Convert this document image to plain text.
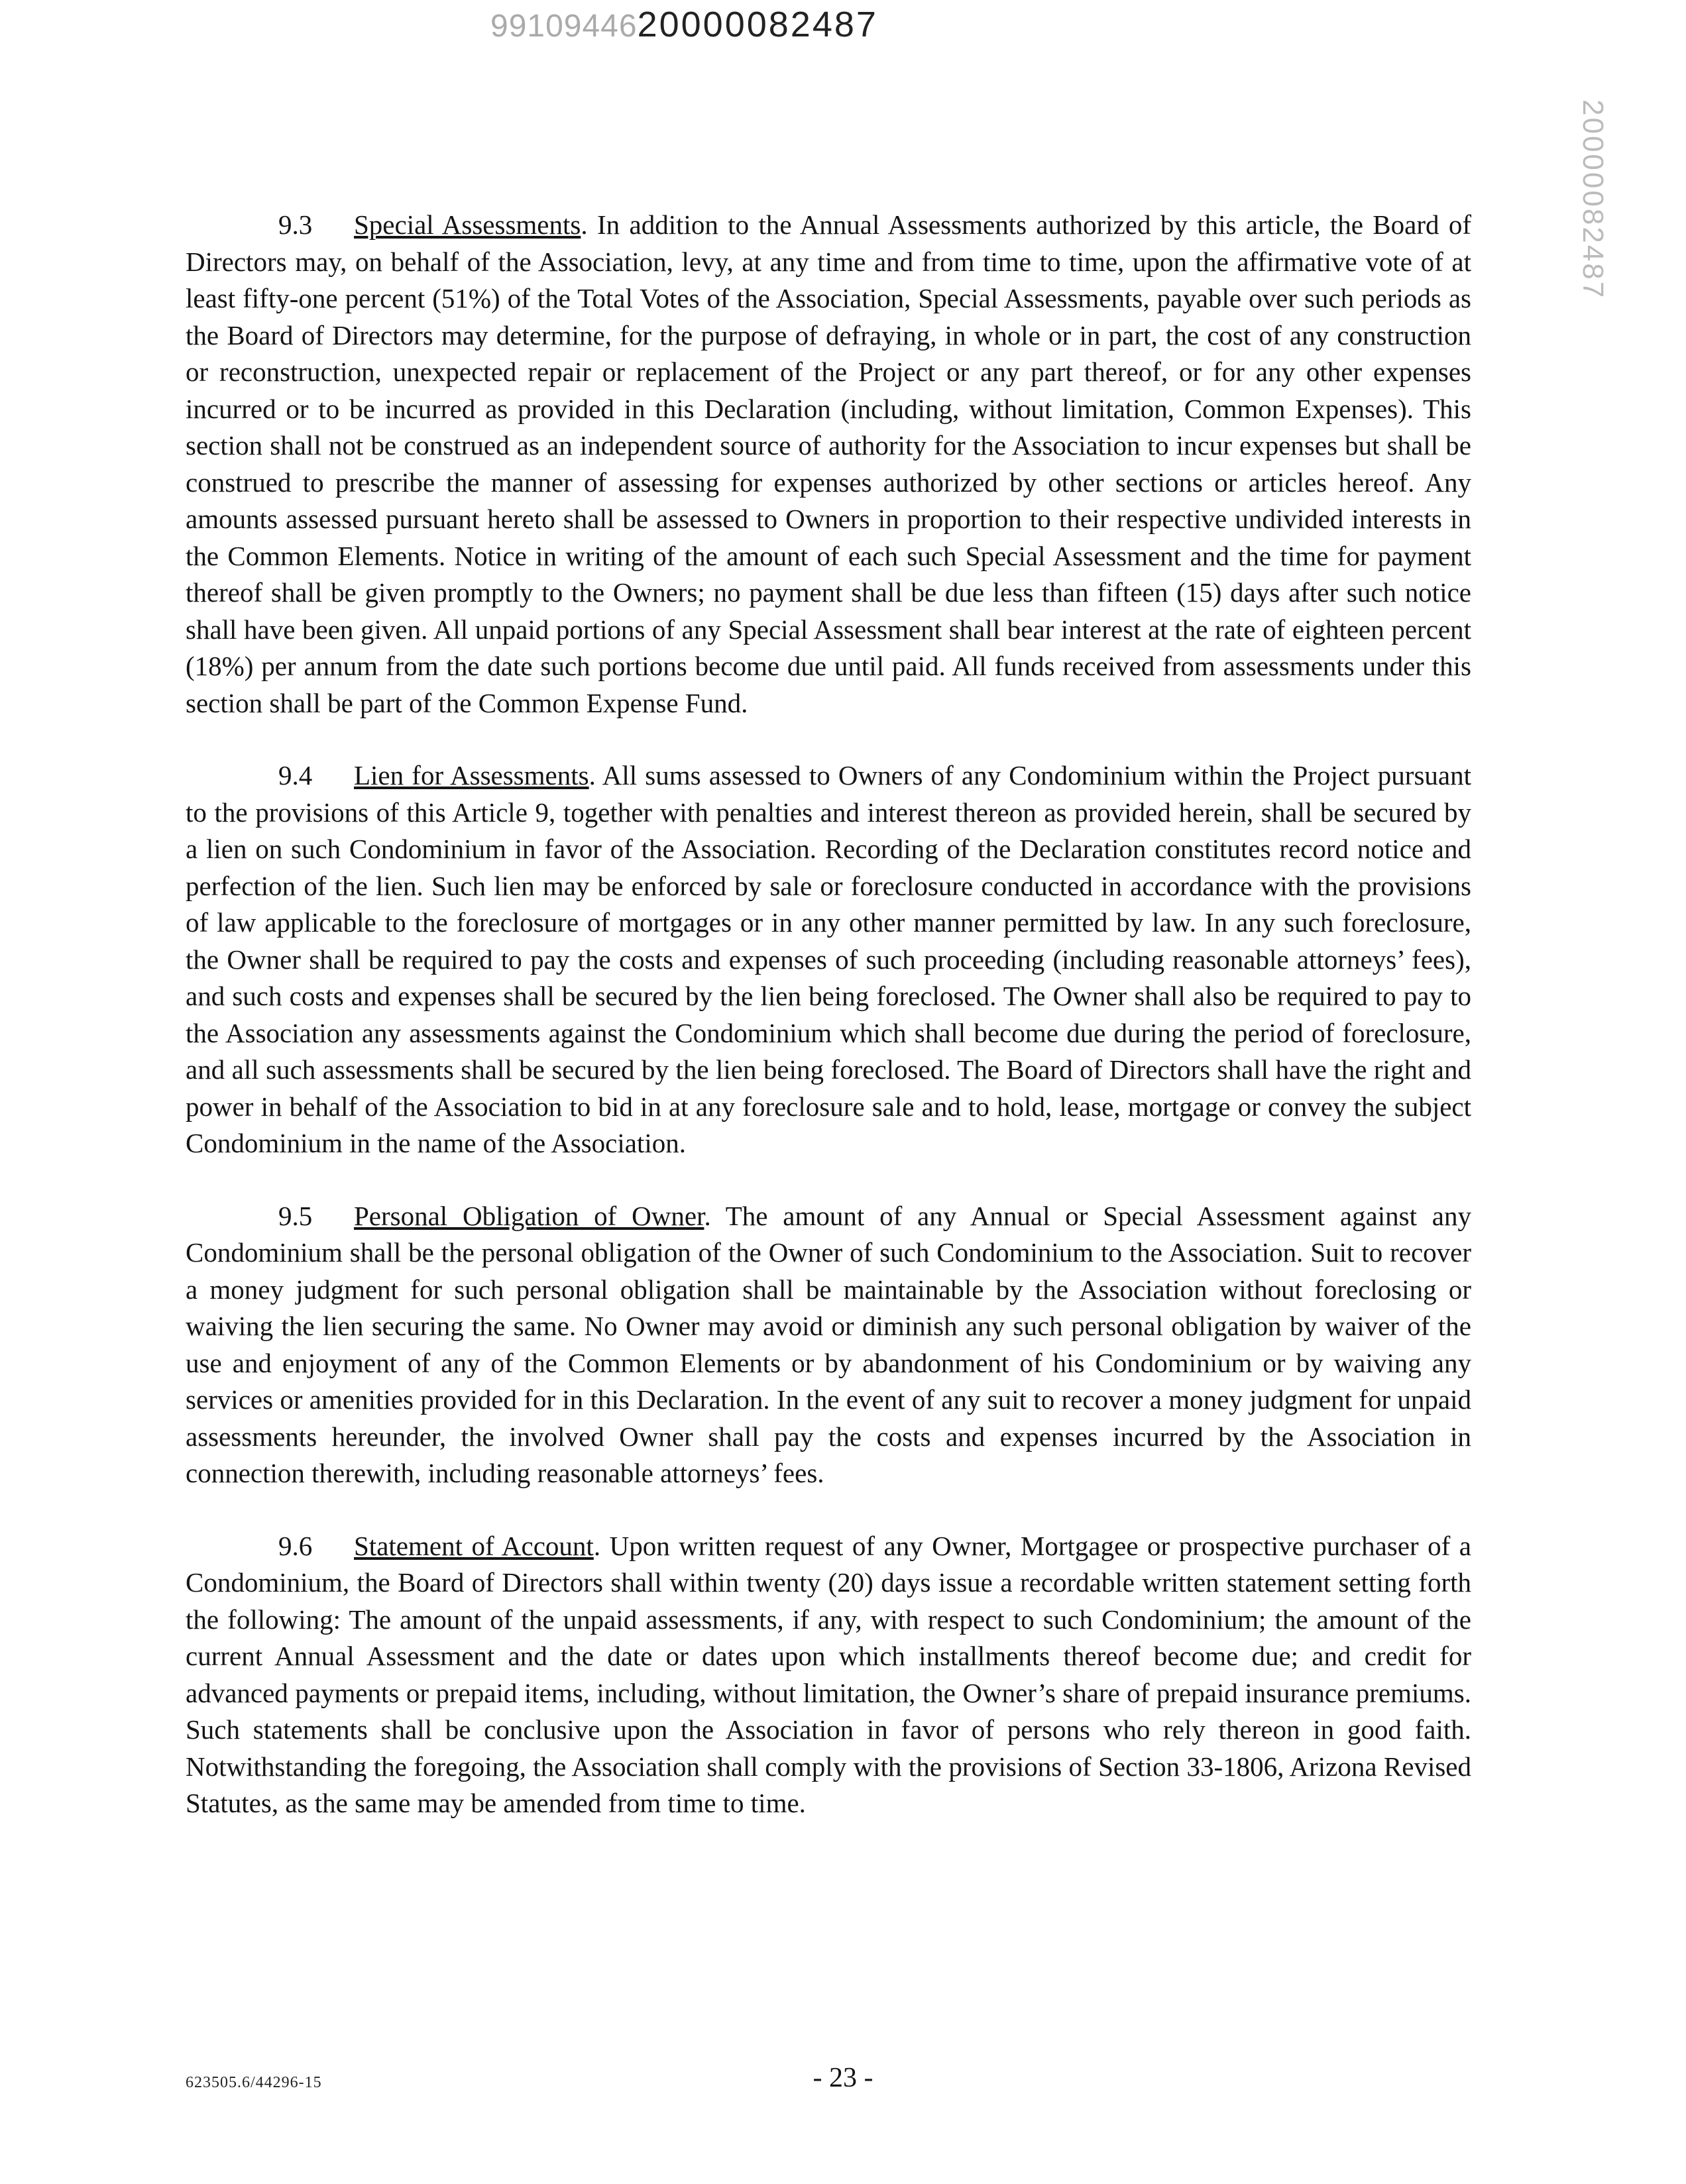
9910944620000082487
20000082487

9.3 Special Assessments. In addition to the Annual Assessments authorized by this article, the Board of Directors may, on behalf of the Association, levy, at any time and from time to time, upon the affirmative vote of at least fifty-one percent (51%) of the Total Votes of the Association, Special Assessments, payable over such periods as the Board of Directors may determine, for the purpose of defraying, in whole or in part, the cost of any construction or reconstruction, unexpected repair or replacement of the Project or any part thereof, or for any other expenses incurred or to be incurred as provided in this Declaration (including, without limitation, Common Expenses). This section shall not be construed as an independent source of authority for the Association to incur expenses but shall be construed to prescribe the manner of assessing for expenses authorized by other sections or articles hereof. Any amounts assessed pursuant hereto shall be assessed to Owners in proportion to their respective undivided interests in the Common Elements. Notice in writing of the amount of each such Special Assessment and the time for payment thereof shall be given promptly to the Owners; no payment shall be due less than fifteen (15) days after such notice shall have been given. All unpaid portions of any Special Assessment shall bear interest at the rate of eighteen percent (18%) per annum from the date such portions become due until paid. All funds received from assessments under this section shall be part of the Common Expense Fund.

9.4 Lien for Assessments. All sums assessed to Owners of any Condominium within the Project pursuant to the provisions of this Article 9, together with penalties and interest thereon as provided herein, shall be secured by a lien on such Condominium in favor of the Association. Recording of the Declaration constitutes record notice and perfection of the lien. Such lien may be enforced by sale or foreclosure conducted in accordance with the provisions of law applicable to the foreclosure of mortgages or in any other manner permitted by law. In any such foreclosure, the Owner shall be required to pay the costs and expenses of such proceeding (including reasonable attorneys’ fees), and such costs and expenses shall be secured by the lien being foreclosed. The Owner shall also be required to pay to the Association any assessments against the Condominium which shall become due during the period of foreclosure, and all such assessments shall be secured by the lien being foreclosed. The Board of Directors shall have the right and power in behalf of the Association to bid in at any foreclosure sale and to hold, lease, mortgage or convey the subject Condominium in the name of the Association.

9.5 Personal Obligation of Owner. The amount of any Annual or Special Assessment against any Condominium shall be the personal obligation of the Owner of such Condominium to the Association. Suit to recover a money judgment for such personal obligation shall be maintainable by the Association without foreclosing or waiving the lien securing the same. No Owner may avoid or diminish any such personal obligation by waiver of the use and enjoyment of any of the Common Elements or by abandonment of his Condominium or by waiving any services or amenities provided for in this Declaration. In the event of any suit to recover a money judgment for unpaid assessments hereunder, the involved Owner shall pay the costs and expenses incurred by the Association in connection therewith, including reasonable attorneys’ fees.

9.6 Statement of Account. Upon written request of any Owner, Mortgagee or prospective purchaser of a Condominium, the Board of Directors shall within twenty (20) days issue a recordable written statement setting forth the following: The amount of the unpaid assessments, if any, with respect to such Condominium; the amount of the current Annual Assessment and the date or dates upon which installments thereof become due; and credit for advanced payments or prepaid items, including, without limitation, the Owner’s share of prepaid insurance premiums. Such statements shall be conclusive upon the Association in favor of persons who rely thereon in good faith. Notwithstanding the foregoing, the Association shall comply with the provisions of Section 33-1806, Arizona Revised Statutes, as the same may be amended from time to time.

623505.6/44296-15	- 23 -
